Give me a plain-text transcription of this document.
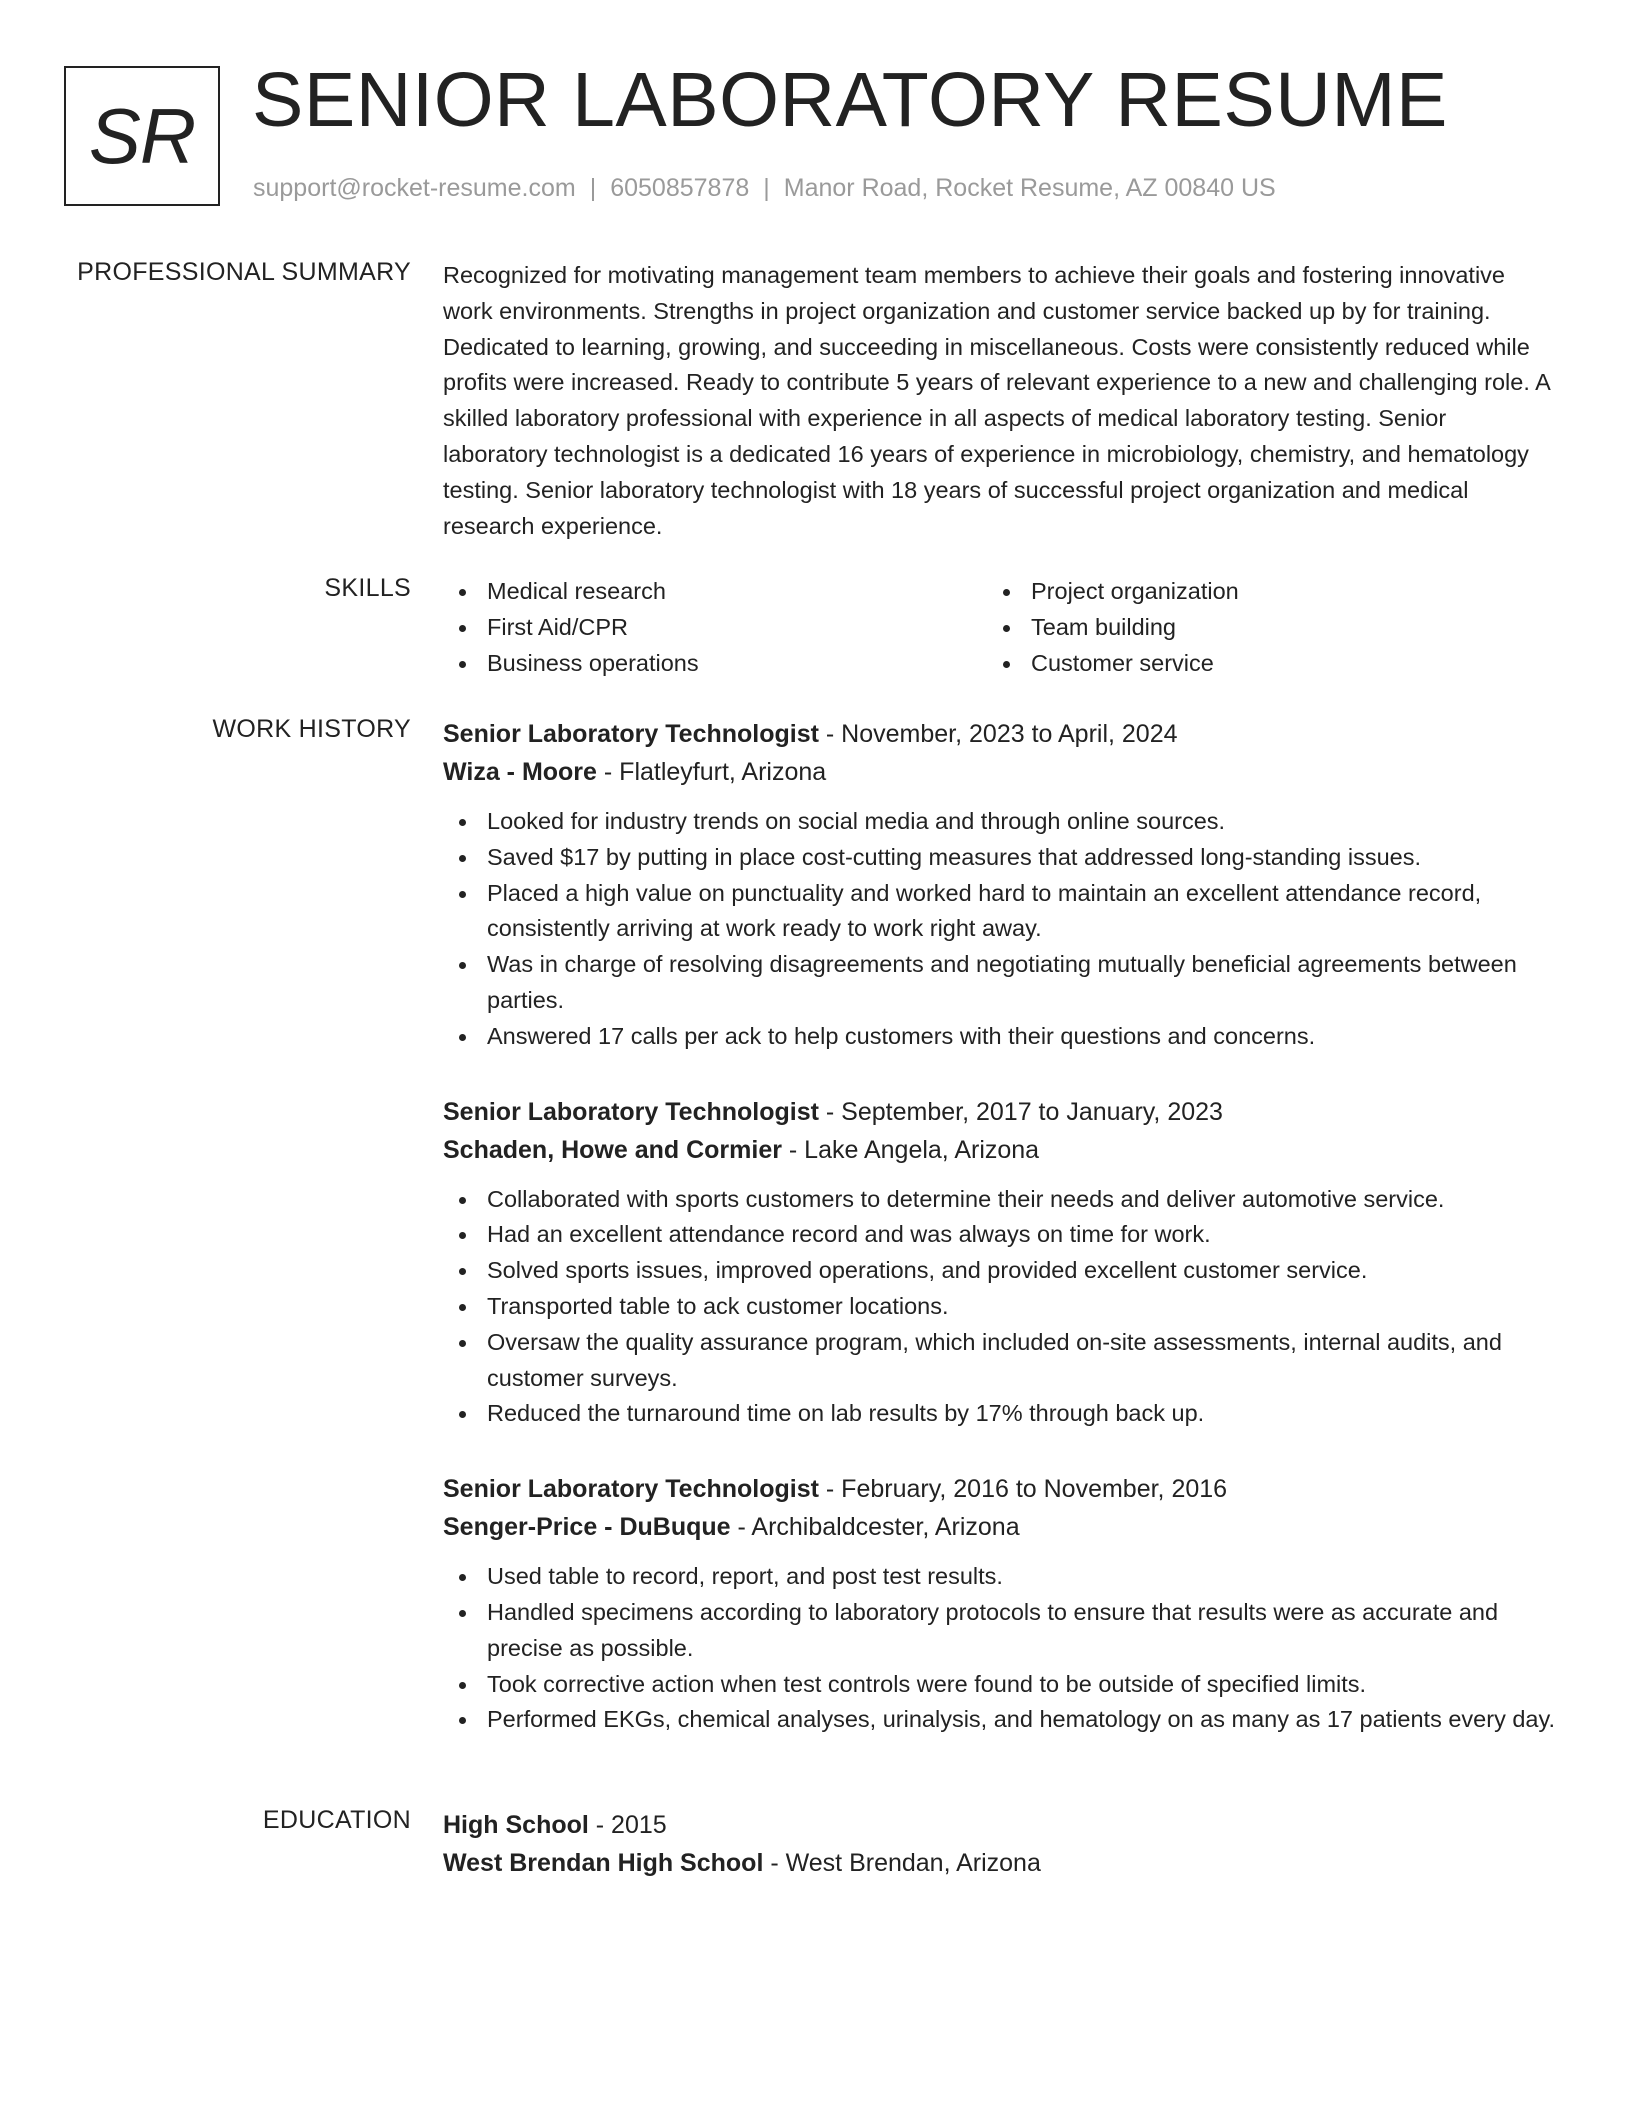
SR SENIOR LABORATORY RESUME
support@rocket-resume.com | 6050857878 | Manor Road, Rocket Resume, AZ 00840 US
PROFESSIONAL SUMMARY Recognized for motivating management team members to achieve their goals and fostering innovative work environments. Strengths in project organization and customer service backed up by for training. Dedicated to learning, growing, and succeeding in miscellaneous. Costs were consistently reduced while profits were increased. Ready to contribute 5 years of relevant experience to a new and challenging role. A skilled laboratory professional with experience in all aspects of medical laboratory testing. Senior laboratory technologist is a dedicated 16 years of experience in microbiology, chemistry, and hematology testing. Senior laboratory technologist with 18 years of successful project organization and medical research experience.

SKILLS	Medical research
First Aid/CPR
Business operations
Project organization
Team building
Customer service
WORK HISTORY Senior Laboratory Technologist - November, 2023 to April, 2024
Wiza - Moore - Flatleyfurt, Arizona
Looked for industry trends on social media and through online sources.
Saved $17 by putting in place cost-cutting measures that addressed long-standing issues.
Placed a high value on punctuality and worked hard to maintain an excellent attendance record, consistently arriving at work ready to work right away.
Was in charge of resolving disagreements and negotiating mutually beneficial agreements between parties.
Answered 17 calls per ack to help customers with their questions and concerns.
Senior Laboratory Technologist - September, 2017 to January, 2023
Schaden, Howe and Cormier - Lake Angela, Arizona
Collaborated with sports customers to determine their needs and deliver automotive service.
Had an excellent attendance record and was always on time for work.
Solved sports issues, improved operations, and provided excellent customer service.
Transported table to ack customer locations.
Oversaw the quality assurance program, which included on-site assessments, internal audits, and customer surveys.
Reduced the turnaround time on lab results by 17% through back up.
Senior Laboratory Technologist - February, 2016 to November, 2016
Senger-Price - DuBuque - Archibaldcester, Arizona
Used table to record, report, and post test results.
Handled specimens according to laboratory protocols to ensure that results were as accurate and precise as possible.
Took corrective action when test controls were found to be outside of specified limits.
Performed EKGs, chemical analyses, urinalysis, and hematology on as many as 17 patients every day.
EDUCATION High School - 2015
West Brendan High School - West Brendan, Arizona
